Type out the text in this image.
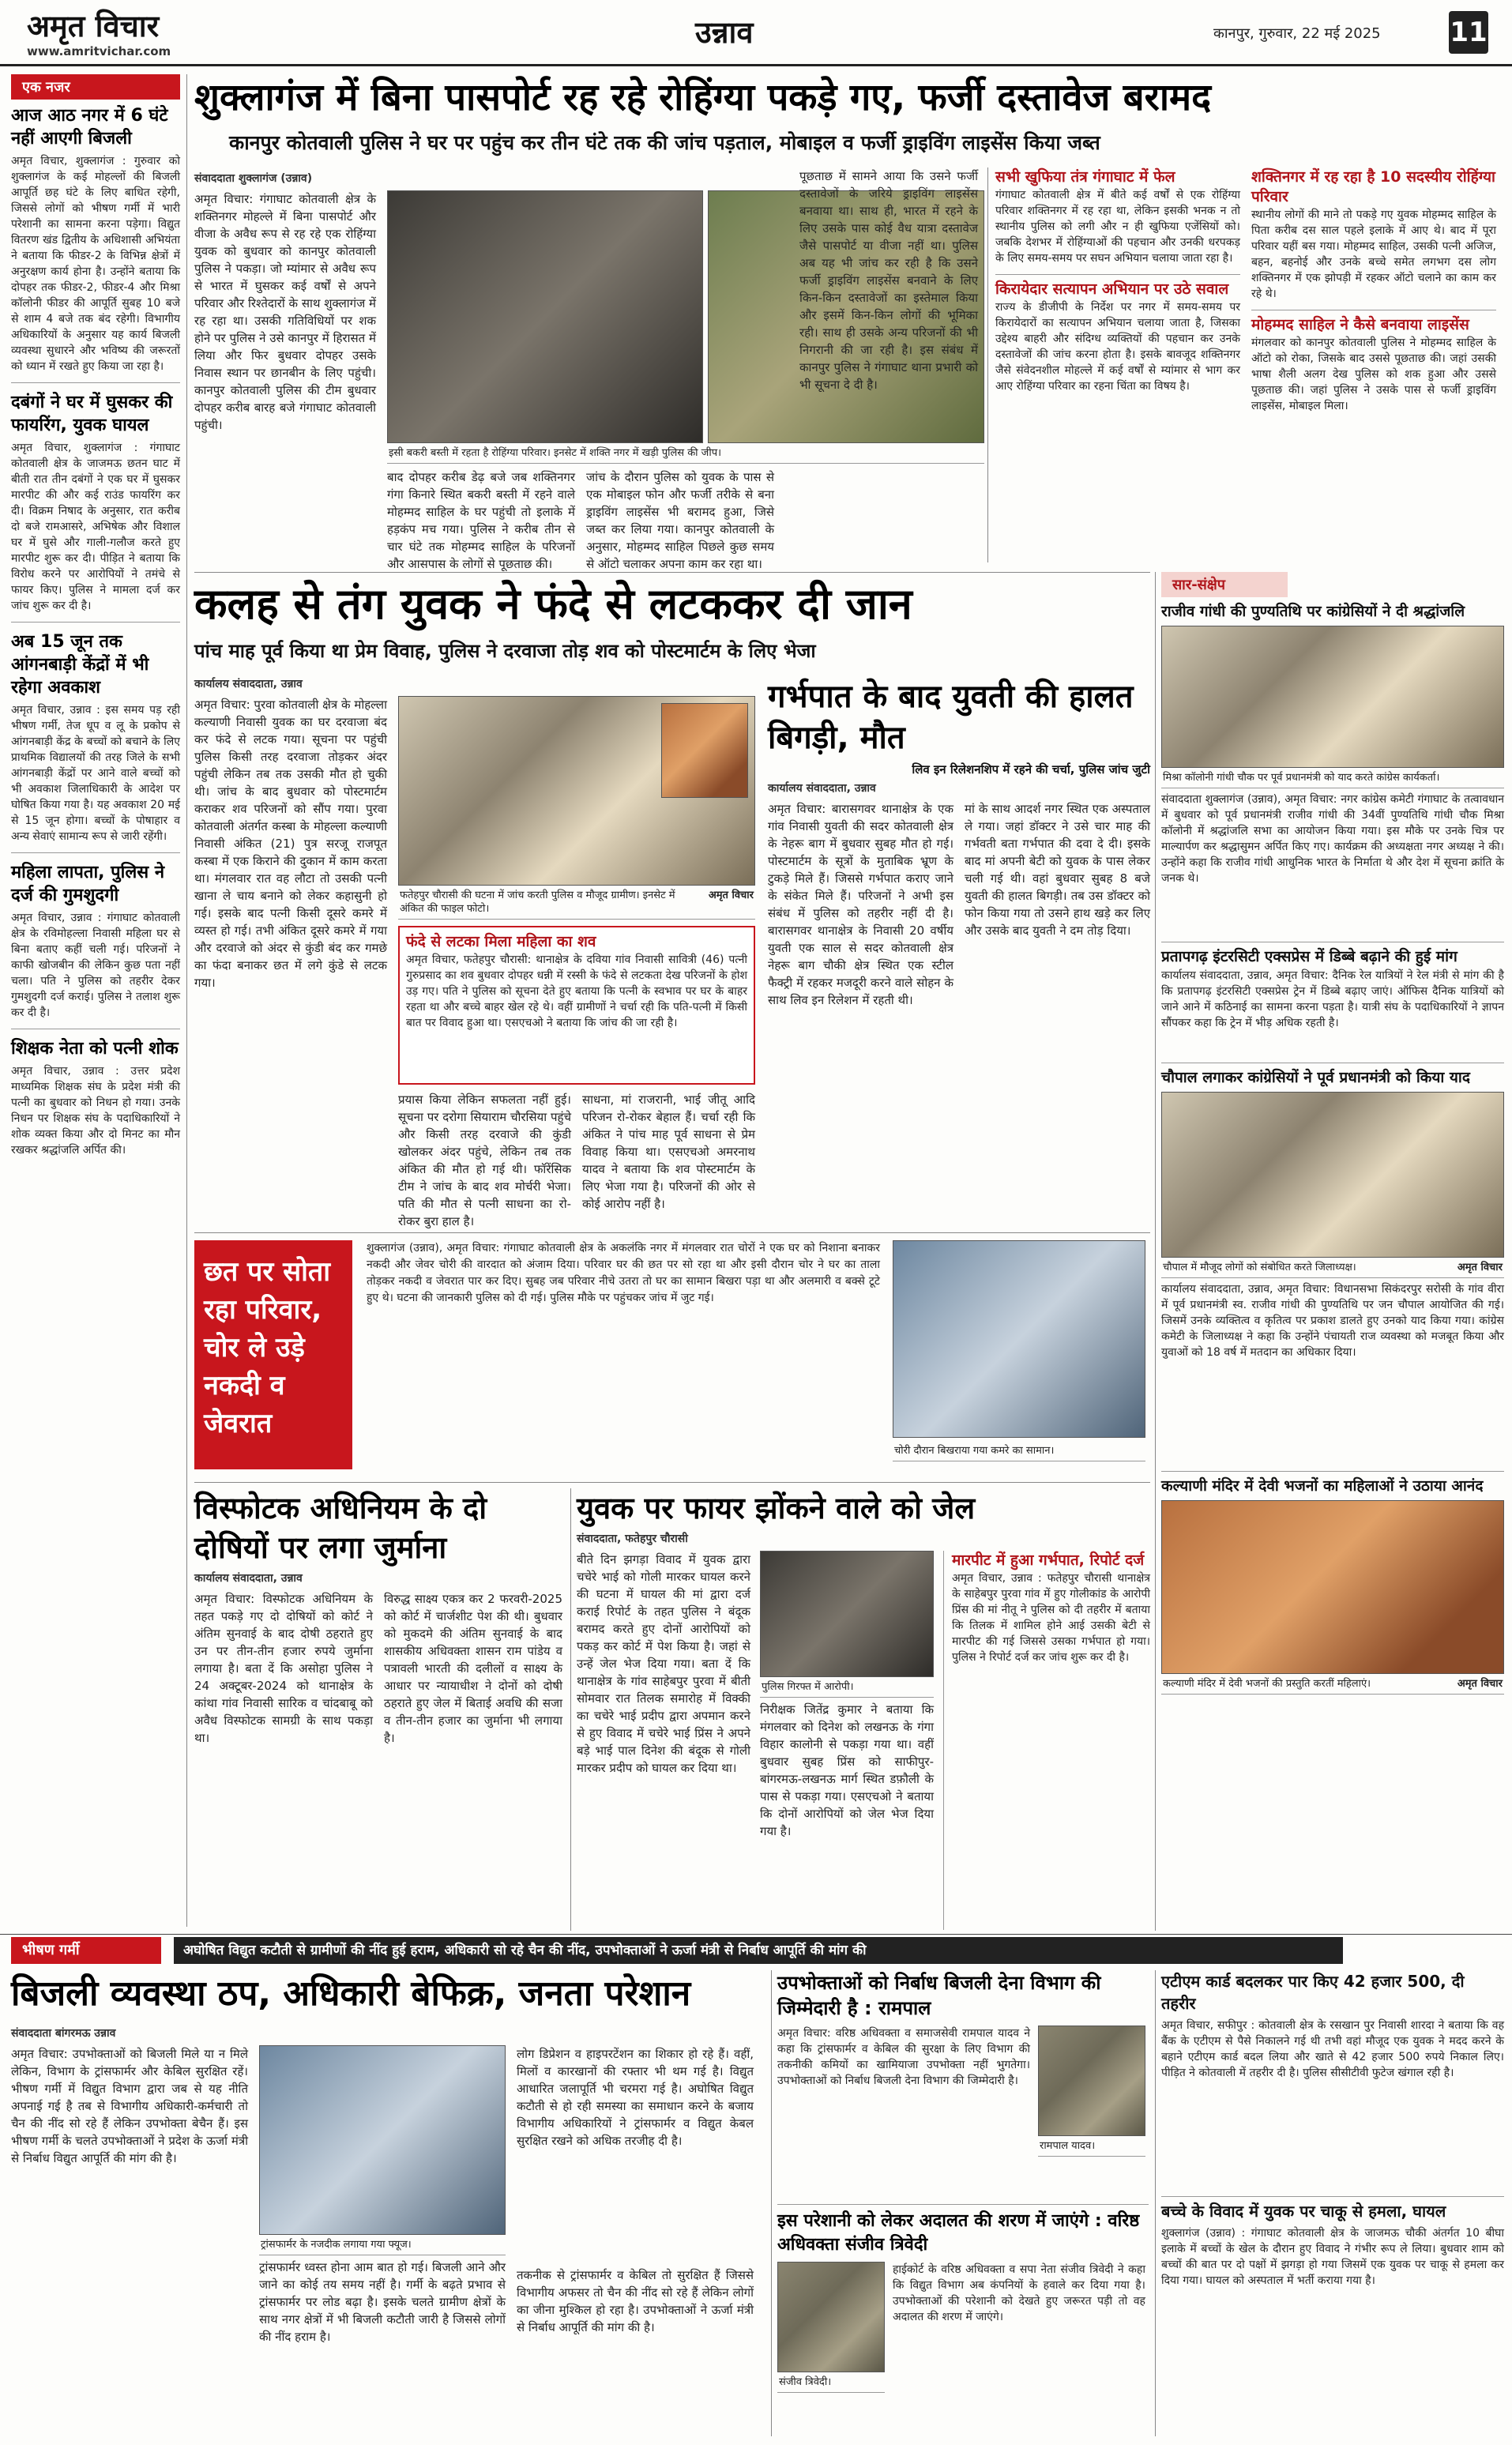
अमृत विचार
www.amritvichar.com
उन्नाव	कानपुर, गुरुवार, 22 मई 2025	11
एक नजर
आज आठ नगर में 6 घंटे नहीं आएगी बिजली
अमृत विचार, शुक्लागंज : गुरुवार को शुक्लागंज के कई मोहल्लों की बिजली आपूर्ति छह घंटे के लिए बाधित रहेगी, जिससे लोगों को भीषण गर्मी में भारी परेशानी का सामना करना पड़ेगा। विद्युत वितरण खंड द्वितीय के अधिशासी अभियंता ने बताया कि फीडर-2 के विभिन्न क्षेत्रों में अनुरक्षण कार्य होना है। उन्होंने बताया कि दोपहर तक फीडर-2, फीडर-4 और मिश्रा कॉलोनी फीडर की आपूर्ति सुबह 10 बजे से शाम 4 बजे तक बंद रहेगी। विभागीय अधिकारियों के अनुसार यह कार्य बिजली व्यवस्था सुधारने और भविष्य की जरूरतों को ध्यान में रखते हुए किया जा रहा है।
दबंगों ने घर में घुसकर की फायरिंग, युवक घायल
अमृत विचार, शुक्लागंज : गंगाघाट कोतवाली क्षेत्र के जाजमऊ छतन घाट में बीती रात तीन दबंगों ने एक घर में घुसकर मारपीट की और कई राउंड फायरिंग कर दी। विक्रम निषाद के अनुसार, रात करीब दो बजे रामआसरे, अभिषेक और विशाल घर में घुसे और गाली-गलौज करते हुए मारपीट शुरू कर दी। पीड़ित ने बताया कि विरोध करने पर आरोपियों ने तमंचे से फायर किए। पुलिस ने मामला दर्ज कर जांच शुरू कर दी है।
अब 15 जून तक आंगनबाड़ी केंद्रों में भी रहेगा अवकाश
अमृत विचार, उन्नाव : इस समय पड़ रही भीषण गर्मी, तेज धूप व लू के प्रकोप से आंगनबाड़ी केंद्र के बच्चों को बचाने के लिए प्राथमिक विद्यालयों की तरह जिले के सभी आंगनबाड़ी केंद्रों पर आने वाले बच्चों को भी अवकाश जिलाधिकारी के आदेश पर घोषित किया गया है। यह अवकाश 20 मई से 15 जून होगा। बच्चों के पोषाहार व अन्य सेवाएं सामान्य रूप से जारी रहेंगी।
महिला लापता, पुलिस ने दर्ज की गुमशुदगी
अमृत विचार, उन्नाव : गंगाघाट कोतवाली क्षेत्र के रविमोहल्ला निवासी महिला घर से बिना बताए कहीं चली गई। परिजनों ने काफी खोजबीन की लेकिन कुछ पता नहीं चला। पति ने पुलिस को तहरीर देकर गुमशुदगी दर्ज कराई। पुलिस ने तलाश शुरू कर दी है।
शिक्षक नेता को पत्नी शोक
अमृत विचार, उन्नाव : उत्तर प्रदेश माध्यमिक शिक्षक संघ के प्रदेश मंत्री की पत्नी का बुधवार को निधन हो गया। उनके निधन पर शिक्षक संघ के पदाधिकारियों ने शोक व्यक्त किया और दो मिनट का मौन रखकर श्रद्धांजलि अर्पित की।
शुक्लागंज में बिना पासपोर्ट रह रहे रोहिंग्या पकड़े गए, फर्जी दस्तावेज बरामद
कानपुर कोतवाली पुलिस ने घर पर पहुंच कर तीन घंटे तक की जांच पड़ताल, मोबाइल व फर्जी ड्राइविंग लाइसेंस किया जब्त
संवाददाता शुक्लागंज (उन्नाव)
अमृत विचार: गंगाघाट कोतवाली क्षेत्र के शक्तिनगर मोहल्ले में बिना पासपोर्ट और वीजा के अवैध रूप से रह रहे एक रोहिंग्या युवक को बुधवार को कानपुर कोतवाली पुलिस ने पकड़ा। जो म्यांमार से अवैध रूप से भारत में घुसकर कई वर्षों से अपने परिवार और रिश्तेदारों के साथ शुक्लागंज में रह रहा था। उसकी गतिविधियों पर शक होने पर पुलिस ने उसे कानपुर में हिरासत में लिया और फिर बुधवार दोपहर उसके निवास स्थान पर छानबीन के लिए पहुंची। कानपुर कोतवाली पुलिस की टीम बुधवार दोपहर करीब बारह बजे गंगाघाट कोतवाली पहुंची।
इसी बकरी बस्ती में रहता है रोहिंग्या परिवार। इनसेट में शक्ति नगर में खड़ी पुलिस की जीप।
बाद दोपहर करीब डेढ़ बजे जब शक्तिनगर गंगा किनारे स्थित बकरी बस्ती में रहने वाले मोहम्मद साहिल के घर पहुंची तो इलाके में हड़कंप मच गया। पुलिस ने करीब तीन से चार घंटे तक मोहम्मद साहिल के परिजनों और आसपास के लोगों से पूछताछ की।
जांच के दौरान पुलिस को युवक के पास से एक मोबाइल फोन और फर्जी तरीके से बना ड्राइविंग लाइसेंस भी बरामद हुआ, जिसे जब्त कर लिया गया। कानपुर कोतवाली के अनुसार, मोहम्मद साहिल पिछले कुछ समय से ऑटो चलाकर अपना काम कर रहा था।
पूछताछ में सामने आया कि उसने फर्जी दस्तावेजों के जरिये ड्राइविंग लाइसेंस बनवाया था। साथ ही, भारत में रहने के लिए उसके पास कोई वैध यात्रा दस्तावेज जैसे पासपोर्ट या वीजा नहीं था। पुलिस अब यह भी जांच कर रही है कि उसने फर्जी ड्राइविंग लाइसेंस बनवाने के लिए किन-किन दस्तावेजों का इस्तेमाल किया और इसमें किन-किन लोगों की भूमिका रही। साथ ही उसके अन्य परिजनों की भी निगरानी की जा रही है। इस संबंध में कानपुर पुलिस ने गंगाघाट थाना प्रभारी को भी सूचना दे दी है।
सभी खुफिया तंत्र गंगाघाट में फेल
गंगाघाट कोतवाली क्षेत्र में बीते कई वर्षों से एक रोहिंग्या परिवार शक्तिनगर में रह रहा था, लेकिन इसकी भनक न तो स्थानीय पुलिस को लगी और न ही खुफिया एजेंसियों को। जबकि देशभर में रोहिंग्याओं की पहचान और उनकी धरपकड़ के लिए समय-समय पर सघन अभियान चलाया जाता रहा है।
किरायेदार सत्यापन अभियान पर उठे सवाल
राज्य के डीजीपी के निर्देश पर नगर में समय-समय पर किरायेदारों का सत्यापन अभियान चलाया जाता है, जिसका उद्देश्य बाहरी और संदिग्ध व्यक्तियों की पहचान कर उनके दस्तावेजों की जांच करना होता है। इसके बावजूद शक्तिनगर जैसे संवेदनशील मोहल्ले में कई वर्षों से म्यांमार से भाग कर आए रोहिंग्या परिवार का रहना चिंता का विषय है।
शक्तिनगर में रह रहा है 10 सदस्यीय रोहिंग्या परिवार
स्थानीय लोगों की माने तो पकड़े गए युवक मोहम्मद साहिल के पिता करीब दस साल पहले इलाके में आए थे। बाद में पूरा परिवार यहीं बस गया। मोहम्मद साहिल, उसकी पत्नी अजिज, बहन, बहनोई और उनके बच्चे समेत लगभग दस लोग शक्तिनगर में एक झोपड़ी में रहकर ऑटो चलाने का काम कर रहे थे।
मोहम्मद साहिल ने कैसे बनवाया लाइसेंस
मंगलवार को कानपुर कोतवाली पुलिस ने मोहम्मद साहिल के ऑटो को रोका, जिसके बाद उससे पूछताछ की। जहां उसकी भाषा शैली अलग देख पुलिस को शक हुआ और उससे पूछताछ की। जहां पुलिस ने उसके पास से फर्जी ड्राइविंग लाइसेंस, मोबाइल मिला।
कलह से तंग युवक ने फंदे से लटककर दी जान
पांच माह पूर्व किया था प्रेम विवाह, पुलिस ने दरवाजा तोड़ शव को पोस्टमार्टम के लिए भेजा
कार्यालय संवाददाता, उन्नाव
अमृत विचार: पुरवा कोतवाली क्षेत्र के मोहल्ला कल्याणी निवासी युवक का घर दरवाजा बंद कर फंदे से लटक गया। सूचना पर पहुंची पुलिस किसी तरह दरवाजा तोड़कर अंदर पहुंची लेकिन तब तक उसकी मौत हो चुकी थी। जांच के बाद बुधवार को पोस्टमार्टम कराकर शव परिजनों को सौंप गया। पुरवा कोतवाली अंतर्गत कस्बा के मोहल्ला कल्याणी निवासी अंकित (21) पुत्र सरजू राजपूत कस्बा में एक किराने की दुकान में काम करता था। मंगलवार रात वह लौटा तो उसकी पत्नी खाना ले चाय बनाने को लेकर कहासुनी हो गई। इसके बाद पत्नी किसी दूसरे कमरे में व्यस्त हो गई। तभी अंकित दूसरे कमरे में गया और दरवाजे को अंदर से कुंडी बंद कर गमछे का फंदा बनाकर छत में लगे कुंडे से लटक गया।
फतेहपुर चौरासी की घटना में जांच करती पुलिस व मौजूद ग्रामीण। इनसेट में अंकित की फाइल फोटो।
अमृत विचार
फंदे से लटका मिला महिला का शव
अमृत विचार, फतेहपुर चौरासी: थानाक्षेत्र के दविया गांव निवासी सावित्री (46) पत्नी गुरुप्रसाद का शव बुधवार दोपहर धन्नी में रस्सी के फंदे से लटकता देख परिजनों के होश उड़ गए। पति ने पुलिस को सूचना देते हुए बताया कि पत्नी के स्वभाव पर घर के बाहर रहता था और बच्चे बाहर खेल रहे थे। वहीं ग्रामीणों ने चर्चा रही कि पति-पत्नी में किसी बात पर विवाद हुआ था। एसएचओ ने बताया कि जांच की जा रही है।
प्रयास किया लेकिन सफलता नहीं हुई। सूचना पर दरोगा सियाराम चौरसिया पहुंचे और किसी तरह दरवाजे की कुंडी खोलकर अंदर पहुंचे, लेकिन तब तक अंकित की मौत हो गई थी। फॉरेंसिक टीम ने जांच के बाद शव मोर्चरी भेजा। पति की मौत से पत्नी साधना का रो-रोकर बुरा हाल है।
साधना, मां राजरानी, भाई जीतू आदि परिजन रो-रोकर बेहाल हैं। चर्चा रही कि अंकित ने पांच माह पूर्व साधना से प्रेम विवाह किया था। एसएचओ अमरनाथ यादव ने बताया कि शव पोस्टमार्टम के लिए भेजा गया है। परिजनों की ओर से कोई आरोप नहीं है।
गर्भपात के बाद युवती की हालत बिगड़ी, मौत
लिव इन रिलेशनशिप में रहने की चर्चा, पुलिस जांच जुटी
कार्यालय संवाददाता, उन्नाव
अमृत विचार: बारासगवर थानाक्षेत्र के एक गांव निवासी युवती की सदर कोतवाली क्षेत्र के नेहरू बाग में बुधवार सुबह मौत हो गई। पोस्टमार्टम के सूत्रों के मुताबिक भ्रूण के टुकड़े मिले हैं। जिससे गर्भपात कराए जाने के संकेत मिले हैं। परिजनों ने अभी इस संबंध में पुलिस को तहरीर नहीं दी है। बारासगवर थानाक्षेत्र के निवासी 20 वर्षीय युवती एक साल से सदर कोतवाली क्षेत्र नेहरू बाग चौकी क्षेत्र स्थित एक स्टील फैक्ट्री में रहकर मजदूरी करने वाले सोहन के साथ लिव इन रिलेशन में रहती थी।
मां के साथ आदर्श नगर स्थित एक अस्पताल ले गया। जहां डॉक्टर ने उसे चार माह की गर्भवती बता गर्भपात की दवा दे दी। इसके बाद मां अपनी बेटी को युवक के पास लेकर चली गई थी। वहां बुधवार सुबह 8 बजे युवती की हालत बिगड़ी। तब उस डॉक्टर को फोन किया गया तो उसने हाथ खड़े कर लिए और उसके बाद युवती ने दम तोड़ दिया।
सार-संक्षेप
राजीव गांधी की पुण्यतिथि पर कांग्रेसियों ने दी श्रद्धांजलि
मिश्रा कॉलोनी गांधी चौक पर पूर्व प्रधानमंत्री को याद करते कांग्रेस कार्यकर्ता।
संवाददाता शुक्लागंज (उन्नाव), अमृत विचार: नगर कांग्रेस कमेटी गंगाघाट के तत्वावधान में बुधवार को पूर्व प्रधानमंत्री राजीव गांधी की 34वीं पुण्यतिथि गांधी चौक मिश्रा कॉलोनी में श्रद्धांजलि सभा का आयोजन किया गया। इस मौके पर उनके चित्र पर माल्यार्पण कर श्रद्धासुमन अर्पित किए गए। कार्यक्रम की अध्यक्षता नगर अध्यक्ष ने की। उन्होंने कहा कि राजीव गांधी आधुनिक भारत के निर्माता थे और देश में सूचना क्रांति के जनक थे।
प्रतापगढ़ इंटरसिटी एक्सप्रेस में डिब्बे बढ़ाने की हुई मांग
कार्यालय संवाददाता, उन्नाव, अमृत विचार: दैनिक रेल यात्रियों ने रेल मंत्री से मांग की है कि प्रतापगढ़ इंटरसिटी एक्सप्रेस ट्रेन में डिब्बे बढ़ाए जाएं। ऑफिस दैनिक यात्रियों को जाने आने में कठिनाई का सामना करना पड़ता है। यात्री संघ के पदाधिकारियों ने ज्ञापन सौंपकर कहा कि ट्रेन में भीड़ अधिक रहती है।
चौपाल लगाकर कांग्रेसियों ने पूर्व प्रधानमंत्री को किया याद
चौपाल में मौजूद लोगों को संबोधित करते जिलाध्यक्ष।	अमृत विचार
कार्यालय संवाददाता, उन्नाव, अमृत विचार: विधानसभा सिकंदरपुर सरोसी के गांव वीरा में पूर्व प्रधानमंत्री स्व. राजीव गांधी की पुण्यतिथि पर जन चौपाल आयोजित की गई। जिसमें उनके व्यक्तित्व व कृतित्व पर प्रकाश डालते हुए उनको याद किया गया। कांग्रेस कमेटी के जिलाध्यक्ष ने कहा कि उन्होंने पंचायती राज व्यवस्था को मजबूत किया और युवाओं को 18 वर्ष में मतदान का अधिकार दिया।
कल्याणी मंदिर में देवी भजनों का महिलाओं ने उठाया आनंद
कल्याणी मंदिर में देवी भजनों की प्रस्तुति करतीं महिलाएं।	अमृत विचार
छत पर सोता रहा परिवार, चोर ले उड़े नकदी व जेवरात
शुक्लागंज (उन्नाव), अमृत विचार: गंगाघाट कोतवाली क्षेत्र के अकलंकि नगर में मंगलवार रात चोरों ने एक घर को निशाना बनाकर नकदी और जेवर चोरी की वारदात को अंजाम दिया। परिवार घर की छत पर सो रहा था और इसी दौरान चोर ने घर का ताला तोड़कर नकदी व जेवरात पार कर दिए। सुबह जब परिवार नीचे उतरा तो घर का सामान बिखरा पड़ा था और अलमारी व बक्से टूटे हुए थे। घटना की जानकारी पुलिस को दी गई। पुलिस मौके पर पहुंचकर जांच में जुट गई।
चोरी दौरान बिखराया गया कमरे का सामान।
विस्फोटक अधिनियम के दो दोषियों पर लगा जुर्माना
कार्यालय संवाददाता, उन्नाव
अमृत विचार: विस्फोटक अधिनियम के तहत पकड़े गए दो दोषियों को कोर्ट ने अंतिम सुनवाई के बाद दोषी ठहराते हुए उन पर तीन-तीन हजार रुपये जुर्माना लगाया है। बता दें कि असोहा पुलिस ने 24 अक्टूबर-2024 को थानाक्षेत्र के कांथा गांव निवासी सारिक व चांदबाबू को अवैध विस्फोटक सामग्री के साथ पकड़ा था।
विरुद्ध साक्ष्य एकत्र कर 2 फरवरी-2025 को कोर्ट में चार्जशीट पेश की थी। बुधवार को मुकदमे की अंतिम सुनवाई के बाद शासकीय अधिवक्ता शासन राम पांडेय व पत्रावली भारती की दलीलों व साक्ष्य के आधार पर न्यायाधीश ने दोनों को दोषी ठहराते हुए जेल में बिताई अवधि की सजा व तीन-तीन हजार का जुर्माना भी लगाया है।
युवक पर फायर झोंकने वाले को जेल
संवाददाता, फतेहपुर चौरासी
बीते दिन झगड़ा विवाद में युवक द्वारा चचेरे भाई को गोली मारकर घायल करने की घटना में घायल की मां द्वारा दर्ज कराई रिपोर्ट के तहत पुलिस ने बंदूक बरामद करते हुए दोनों आरोपियों को पकड़ कर कोर्ट में पेश किया है। जहां से उन्हें जेल भेज दिया गया। बता दें कि थानाक्षेत्र के गांव साहेबपुर पुरवा में बीती सोमवार रात तिलक समारोह में विक्की का चचेरे भाई प्रदीप द्वारा अपमान करने से हुए विवाद में चचेरे भाई प्रिंस ने अपने बड़े भाई पाल दिनेश की बंदूक से गोली मारकर प्रदीप को घायल कर दिया था।
पुलिस गिरफ्त में आरोपी।
निरीक्षक जितेंद्र कुमार ने बताया कि मंगलवार को दिनेश को लखनऊ के गंगा विहार कालोनी से पकड़ा गया था। वहीं बुधवार सुबह प्रिंस को साफीपुर-बांगरमऊ-लखनऊ मार्ग स्थित डफ़ौली के पास से पकड़ा गया। एसएचओ ने बताया कि दोनों आरोपियों को जेल भेज दिया गया है।
मारपीट में हुआ गर्भपात, रिपोर्ट दर्ज
अमृत विचार, उन्नाव : फतेहपुर चौरासी थानाक्षेत्र के साहेबपुर पुरवा गांव में हुए गोलीकांड के आरोपी प्रिंस की मां नीतू ने पुलिस को दी तहरीर में बताया कि तिलक में शामिल होने आई उसकी बेटी से मारपीट की गई जिससे उसका गर्भपात हो गया। पुलिस ने रिपोर्ट दर्ज कर जांच शुरू कर दी है।
भीषण गर्मी	अघोषित विद्युत कटौती से ग्रामीणों की नींद हुई हराम, अधिकारी सो रहे चैन की नींद, उपभोक्ताओं ने ऊर्जा मंत्री से निर्बाध आपूर्ति की मांग की
बिजली व्यवस्था ठप, अधिकारी बेफिक्र, जनता परेशान
संवाददाता बांगरमऊ उन्नाव
अमृत विचार: उपभोक्ताओं को बिजली मिले या न मिले लेकिन, विभाग के ट्रांसफार्मर और केबिल सुरक्षित रहें। भीषण गर्मी में विद्युत विभाग द्वारा जब से यह नीति अपनाई गई है तब से विभागीय अधिकारी-कर्मचारी तो चैन की नींद सो रहे हैं लेकिन उपभोक्ता बेचैन हैं। इस भीषण गर्मी के चलते उपभोक्ताओं ने प्रदेश के ऊर्जा मंत्री से निर्बाध विद्युत आपूर्ति की मांग की है।
ट्रांसफार्मर के नजदीक लगाया गया फ्यूज।
ट्रांसफार्मर ध्वस्त होना आम बात हो गई। बिजली आने और जाने का कोई तय समय नहीं है। गर्मी के बढ़ते प्रभाव से ट्रांसफार्मर पर लोड बढ़ा है। इसके चलते ग्रामीण क्षेत्रों के साथ नगर क्षेत्रों में भी बिजली कटौती जारी है जिससे लोगों की नींद हराम है।
लोग डिप्रेशन व हाइपरटेंशन का शिकार हो रहे हैं। वहीं, मिलों व कारखानों की रफ्तार भी थम गई है। विद्युत आधारित जलापूर्ति भी चरमरा गई है। अघोषित विद्युत कटौती से हो रही समस्या का समाधान करने के बजाय विभागीय अधिकारियों ने ट्रांसफार्मर व विद्युत केबल सुरक्षित रखने को अधिक तरजीह दी है।
तकनीक से ट्रांसफार्मर व केबिल तो सुरक्षित हैं जिससे विभागीय अफसर तो चैन की नींद सो रहे हैं लेकिन लोगों का जीना मुश्किल हो रहा है। उपभोक्ताओं ने ऊर्जा मंत्री से निर्बाध आपूर्ति की मांग की है।
उपभोक्ताओं को निर्बाध बिजली देना विभाग की जिम्मेदारी है : रामपाल
अमृत विचार: वरिष्ठ अधिवक्ता व समाजसेवी रामपाल यादव ने कहा कि ट्रांसफार्मर व केबिल की सुरक्षा के लिए विभाग की तकनीकी कमियों का खामियाजा उपभोक्ता नहीं भुगतेगा। उपभोक्ताओं को निर्बाध बिजली देना विभाग की जिम्मेदारी है।
रामपाल यादव।
इस परेशानी को लेकर अदालत की शरण में जाएंगे : वरिष्ठ अधिवक्ता संजीव त्रिवेदी
संजीव त्रिवेदी।
हाईकोर्ट के वरिष्ठ अधिवक्ता व सपा नेता संजीव त्रिवेदी ने कहा कि विद्युत विभाग अब कंपनियों के हवाले कर दिया गया है। उपभोक्ताओं की परेशानी को देखते हुए जरूरत पड़ी तो वह अदालत की शरण में जाएंगे।
एटीएम कार्ड बदलकर पार किए 42 हजार 500, दी तहरीर
अमृत विचार, सफीपुर : कोतवाली क्षेत्र के रसखान पुर निवासी शारदा ने बताया कि वह बैंक के एटीएम से पैसे निकालने गई थी तभी वहां मौजूद एक युवक ने मदद करने के बहाने एटीएम कार्ड बदल लिया और खाते से 42 हजार 500 रुपये निकाल लिए। पीड़ित ने कोतवाली में तहरीर दी है। पुलिस सीसीटीवी फुटेज खंगाल रही है।
बच्चे के विवाद में युवक पर चाकू से हमला, घायल
शुक्लागंज (उन्नाव) : गंगाघाट कोतवाली क्षेत्र के जाजमऊ चौकी अंतर्गत 10 बीघा इलाके में बच्चों के खेल के दौरान हुए विवाद ने गंभीर रूप ले लिया। बुधवार शाम को बच्चों की बात पर दो पक्षों में झगड़ा हो गया जिसमें एक युवक पर चाकू से हमला कर दिया गया। घायल को अस्पताल में भर्ती कराया गया है।
